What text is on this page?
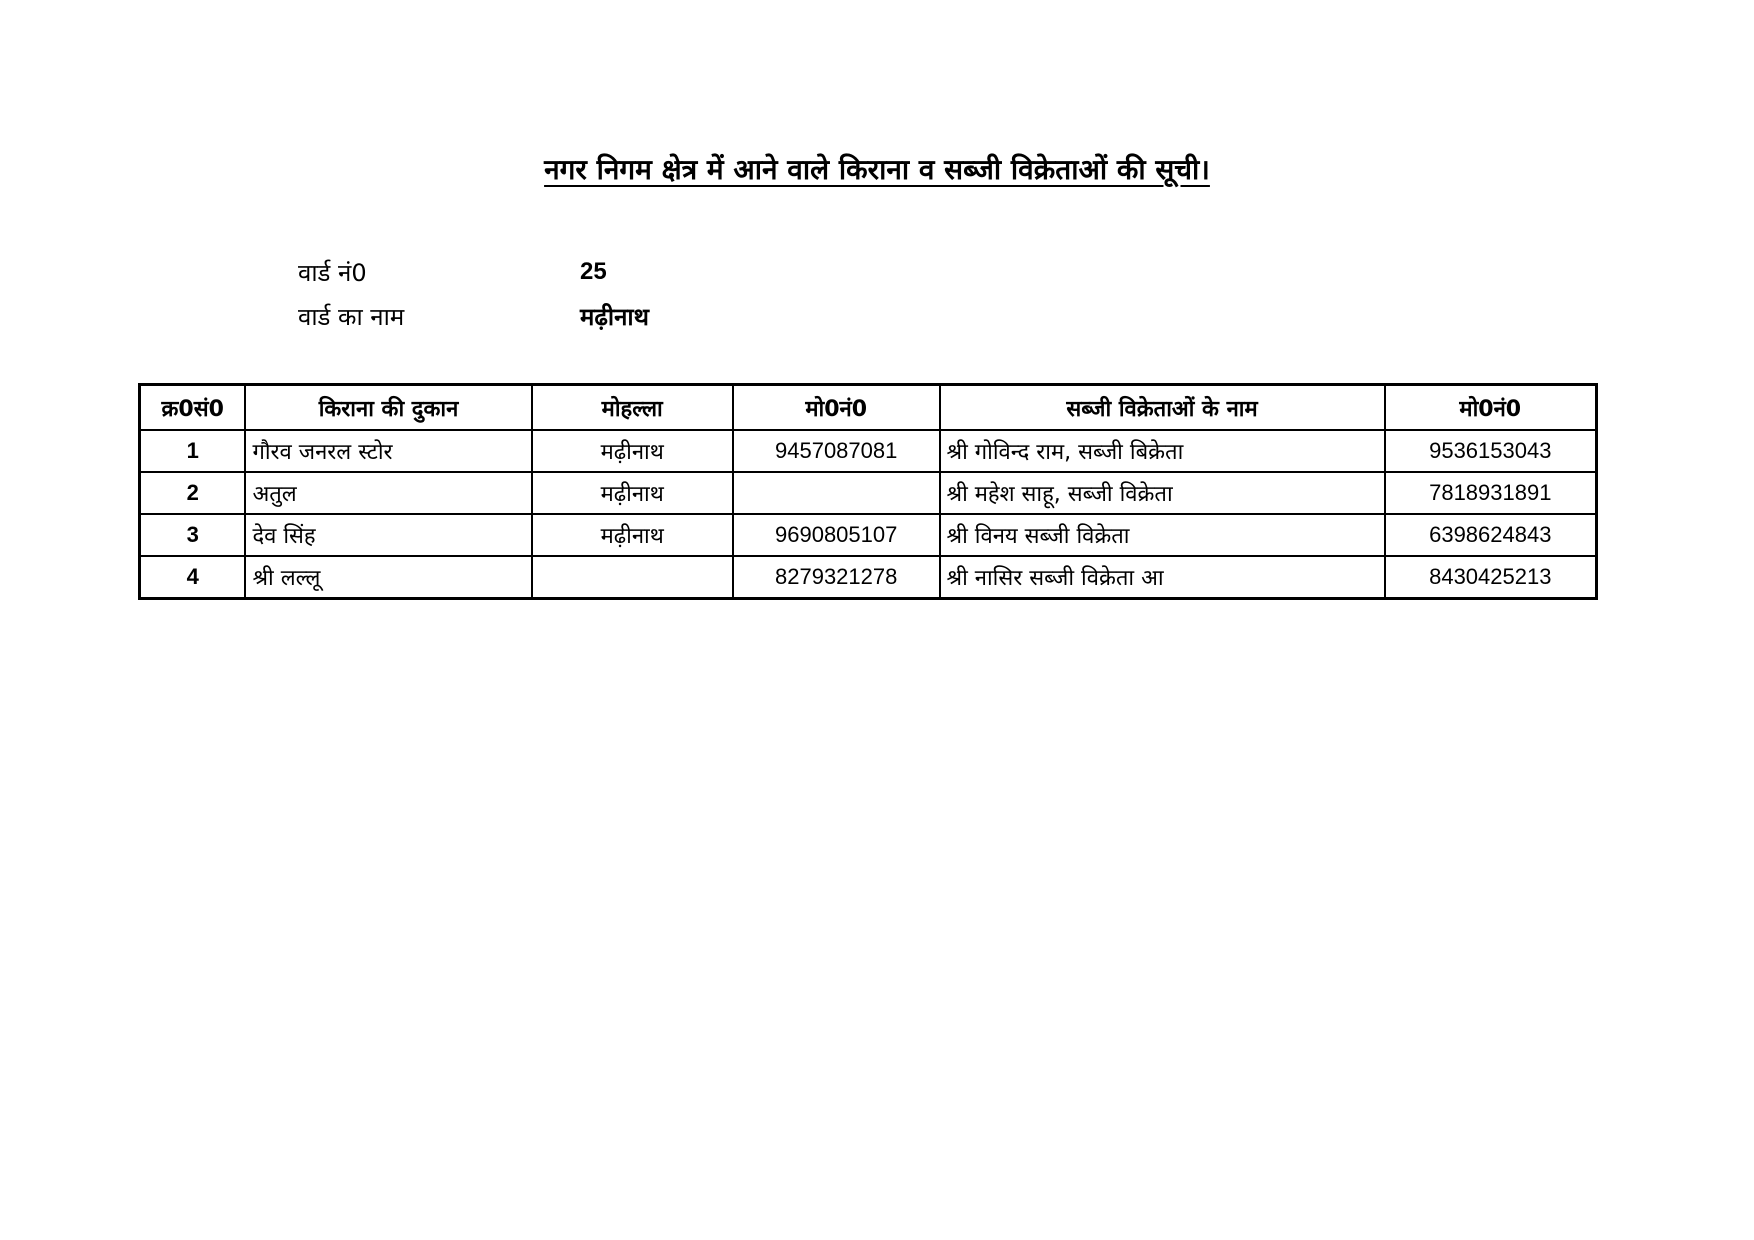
नगर निगम क्षेत्र में आने वाले किराना व सब्जी विक्रेताओं की सूची।
वार्ड नं0	25
वार्ड का नाम	मढ़ीनाथ
क्र0सं0	किराना की दुकान	मोहल्ला	मो0नं0	सब्जी विक्रेताओं के नाम	मो0नं0
1	गौरव जनरल स्टोर	मढ़ीनाथ	9457087081	श्री गोविन्द राम, सब्जी बिक्रेता	9536153043
2	अतुल	मढ़ीनाथ		श्री महेश साहू, सब्जी विक्रेता	7818931891
3	देव सिंह	मढ़ीनाथ	9690805107	श्री विनय सब्जी विक्रेता	6398624843
4	श्री लल्लू		8279321278	श्री नासिर सब्जी विक्रेता आ	8430425213
